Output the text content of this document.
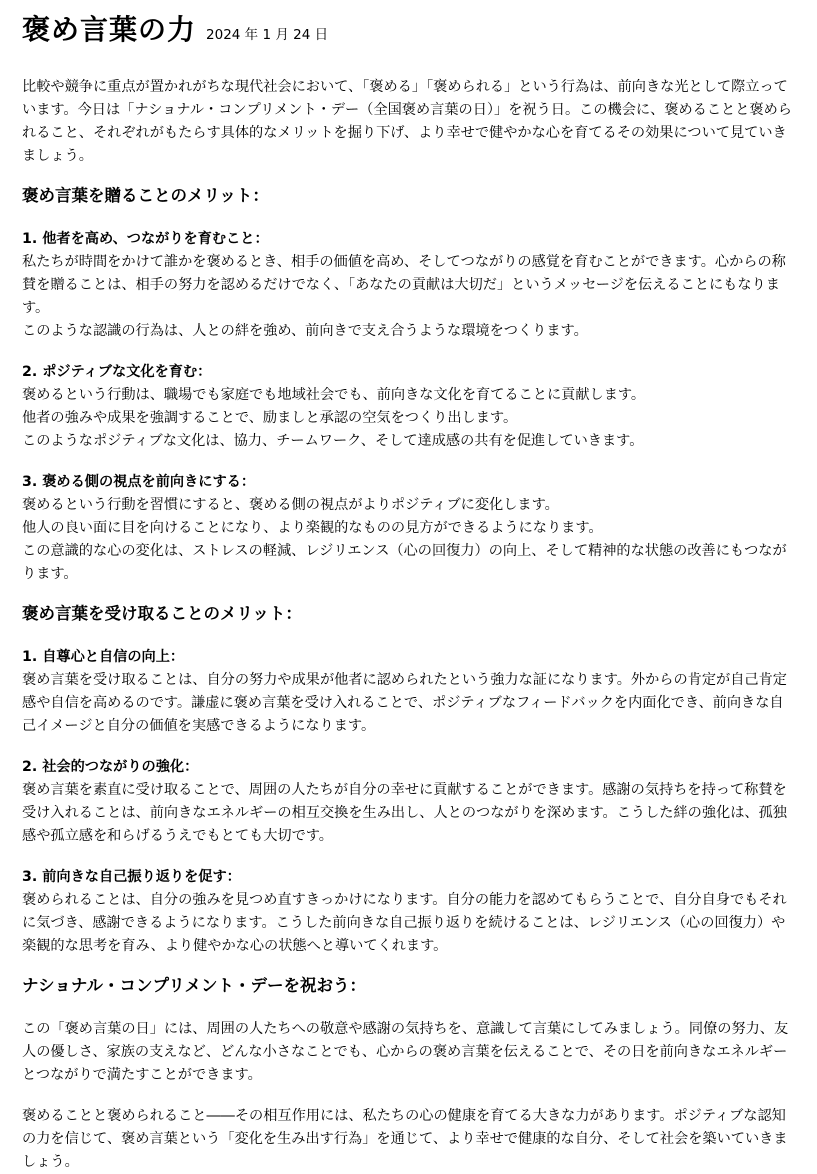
褒め言葉の力 2024 年 1 月 24 日

比較や競争に重点が置かれがちな現代社会において、「褒める」「褒められる」という行為は、前向きな光として際立っています。今日は「ナショナル・コンプリメント・デー（全国褒め言葉の日）」を祝う日。この機会に、褒めることと褒められること、それぞれがもたらす具体的なメリットを掘り下げ、より幸せで健やかな心を育てるその効果について見ていきましょう。

褒め言葉を贈ることのメリット：
1. 他者を高め、つながりを育むこと：

私たちが時間をかけて誰かを褒めるとき、相手の価値を高め、そしてつながりの感覚を育むことができます。心からの称賛を贈ることは、相手の努力を認めるだけでなく、「あなたの貢献は大切だ」というメッセージを伝えることにもなります。

このような認識の行為は、人との絆を強め、前向きで支え合うような環境をつくります。

2. ポジティブな文化を育む：

褒めるという行動は、職場でも家庭でも地域社会でも、前向きな文化を育てることに貢献します。

他者の強みや成果を強調することで、励ましと承認の空気をつくり出します。

このようなポジティブな文化は、協力、チームワーク、そして達成感の共有を促進していきます。

3. 褒める側の視点を前向きにする：

褒めるという行動を習慣にすると、褒める側の視点がよりポジティブに変化します。

他人の良い面に目を向けることになり、より楽観的なものの見方ができるようになります。

この意識的な心の変化は、ストレスの軽減、レジリエンス（心の回復力）の向上、そして精神的な状態の改善にもつながります。

褒め言葉を受け取ることのメリット：
1. 自尊心と自信の向上：

褒め言葉を受け取ることは、自分の努力や成果が他者に認められたという強力な証になります。外からの肯定が自己肯定感や自信を高めるのです。謙虚に褒め言葉を受け入れることで、ポジティブなフィードバックを内面化でき、前向きな自己イメージと自分の価値を実感できるようになります。

2. 社会的つながりの強化：

褒め言葉を素直に受け取ることで、周囲の人たちが自分の幸せに貢献することができます。感謝の気持ちを持って称賛を受け入れることは、前向きなエネルギーの相互交換を生み出し、人とのつながりを深めます。こうした絆の強化は、孤独感や孤立感を和らげるうえでもとても大切です。

3. 前向きな自己振り返りを促す：

褒められることは、自分の強みを見つめ直すきっかけになります。自分の能力を認めてもらうことで、自分自身でもそれに気づき、感謝できるようになります。こうした前向きな自己振り返りを続けることは、レジリエンス（心の回復力）や楽観的な思考を育み、より健やかな心の状態へと導いてくれます。

ナショナル・コンプリメント・デーを祝おう：

この「褒め言葉の日」には、周囲の人たちへの敬意や感謝の気持ちを、意識して言葉にしてみましょう。同僚の努力、友人の優しさ、家族の支えなど、どんな小さなことでも、心からの褒め言葉を伝えることで、その日を前向きなエネルギーとつながりで満たすことができます。

褒めることと褒められること――その相互作用には、私たちの心の健康を育てる大きな力があります。ポジティブな認知の力を信じて、褒め言葉という「変化を生み出す行為」を通じて、より幸せで健康的な自分、そして社会を築いていきましょう。
